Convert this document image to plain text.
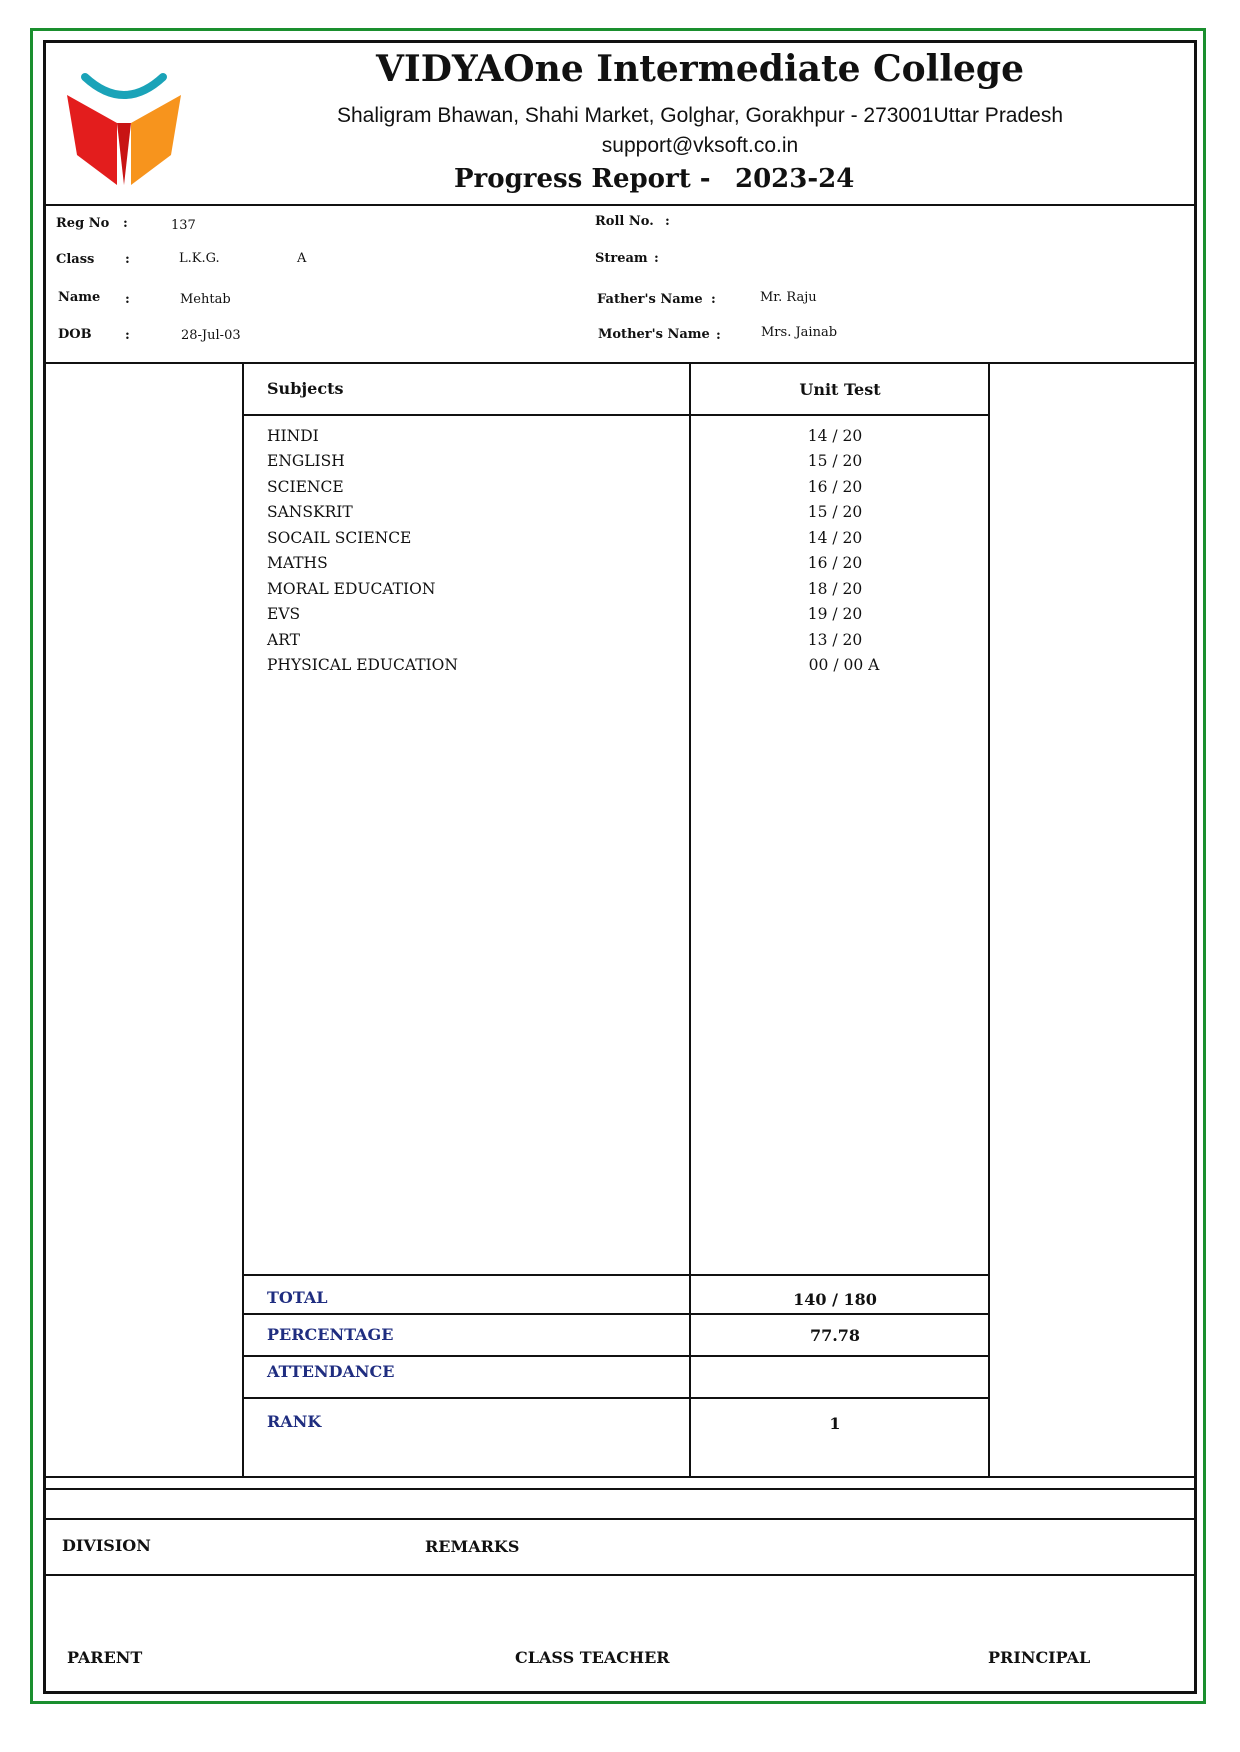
VIDYAOne Intermediate College
Shaligram Bhawan, Shahi Market, Golghar, Gorakhpur - 273001Uttar Pradesh
support@vksoft.co.in
Progress Report - 2023-24
Reg No :	137	Roll No. :
Class :	L.K.G.	A	Stream :
Name :	Mehtab	Father's Name :	Mr. Raju
DOB	:	28-Jul-03	Mother's Name :	Mrs. Jainab
Subjects	Unit Test
HINDI	14 / 20
ENGLISH	15 / 20
SCIENCE	16 / 20
SANSKRIT	15 / 20
SOCAIL SCIENCE	14 / 20
MATHS	16 / 20
MORAL EDUCATION	18 / 20
EVS	19 / 20
ART	13 / 20
PHYSICAL EDUCATION	00 / 00 A
TOTAL	140 / 180
PERCENTAGE	77.78
ATTENDANCE
RANK	1
DIVISION	REMARKS
PARENT	CLASS TEACHER	PRINCIPAL
